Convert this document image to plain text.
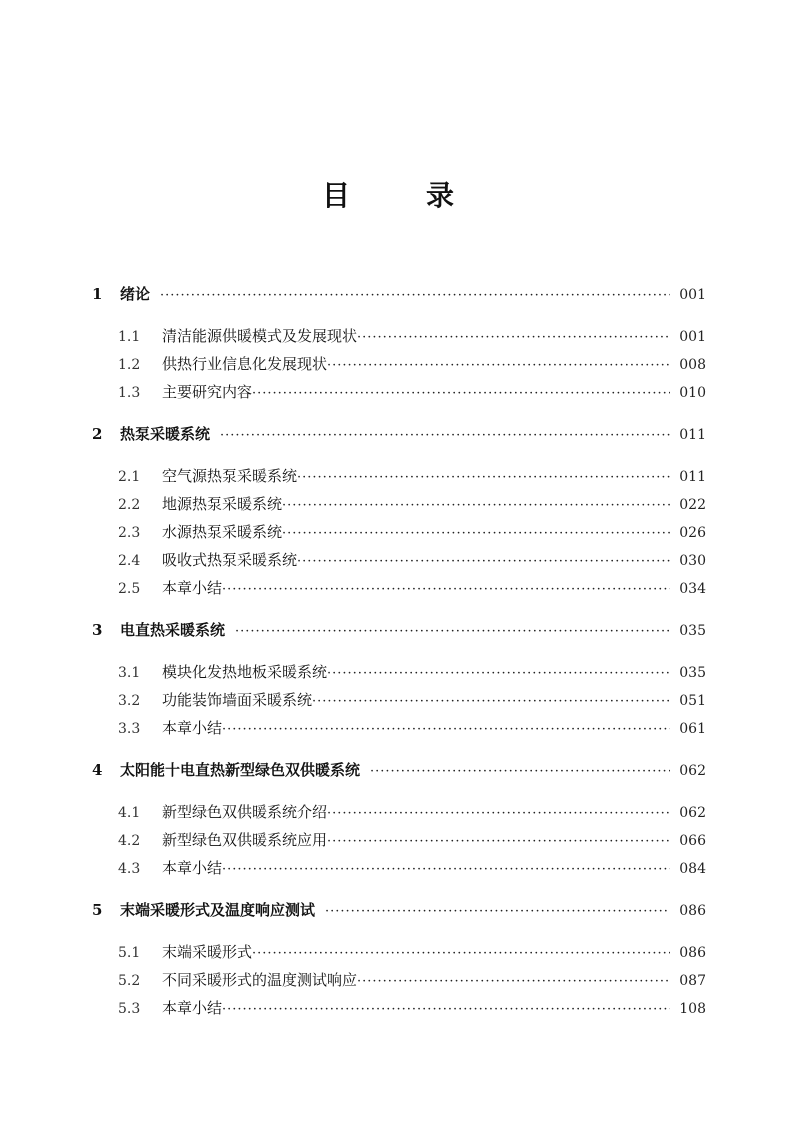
目　录
1	绪论 ·····	001
1.1	清洁能源供暖模式及发展现状 ·····	001
1.2	供热行业信息化发展现状 ·····	008
1.3	主要研究内容 ·····	010
2	热泵采暖系统 ·····	011
2.1	空气源热泵采暖系统 ·····	011
2.2	地源热泵采暖系统 ·····	022
2.3	水源热泵采暖系统 ·····	026
2.4	吸收式热泵采暖系统 ·····	030
2.5	本章小结 ·····	034
3	电直热采暖系统 ·····	035
3.1	模块化发热地板采暖系统 ·····	035
3.2	功能装饰墙面采暖系统 ·····	051
3.3	本章小结 ·····	061
4	太阳能十电直热新型绿色双供暖系统 ·····	062
4.1	新型绿色双供暖系统介绍 ·····	062
4.2	新型绿色双供暖系统应用 ·····	066
4.3	本章小结 ·····	084
5	末端采暖形式及温度响应测试 ·····	086
5.1	末端采暖形式 ·····	086
5.2	不同采暖形式的温度测试响应 ·····	087
5.3	本章小结 ·····	108
